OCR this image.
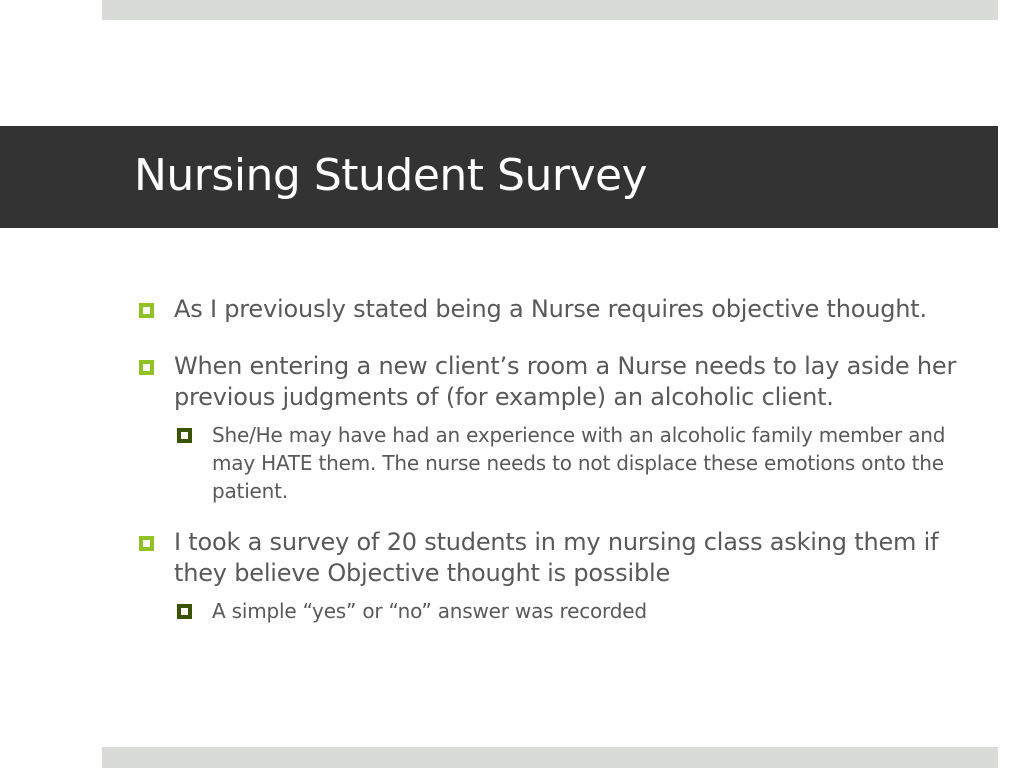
Nursing Student Survey
As I previously stated being a Nurse requires objective thought.
When entering a new client’s room a Nurse needs to lay aside her previous judgments of (for example) an alcoholic client.
She/He may have had an experience with an alcoholic family member and may HATE them. The nurse needs to not displace these emotions onto the patient.
I took a survey of 20 students in my nursing class asking them if they believe Objective thought is possible
A simple “yes” or “no” answer was recorded
